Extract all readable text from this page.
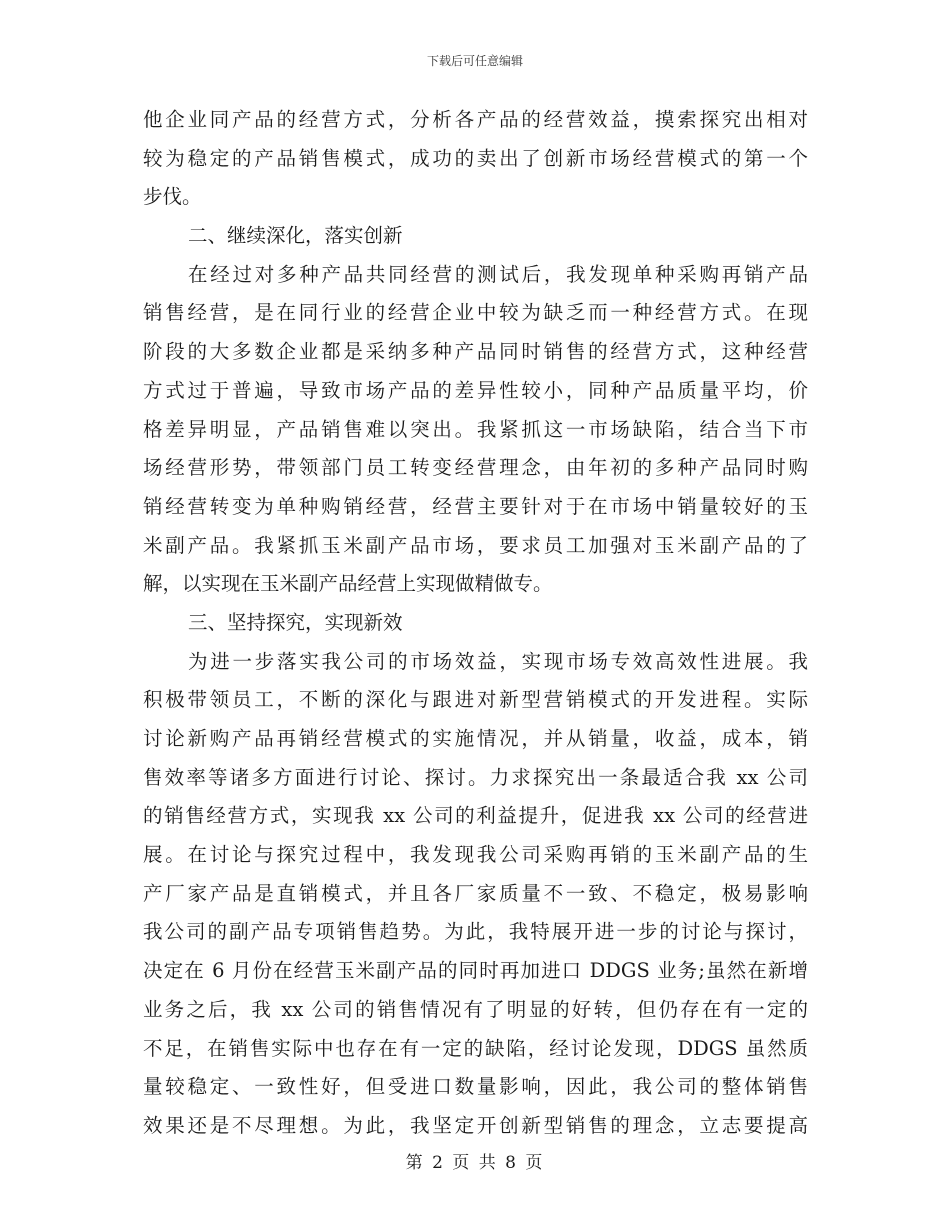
下载后可任意编辑
他企业同产品的经营方式，分析各产品的经营效益，摸索探究出相对
较为稳定的产品销售模式，成功的卖出了创新市场经营模式的第一个
步伐。
二、继续深化，落实创新
在经过对多种产品共同经营的测试后，我发现单种采购再销产品
销售经营，是在同行业的经营企业中较为缺乏而一种经营方式。在现
阶段的大多数企业都是采纳多种产品同时销售的经营方式，这种经营
方式过于普遍，导致市场产品的差异性较小，同种产品质量平均，价
格差异明显，产品销售难以突出。我紧抓这一市场缺陷，结合当下市
场经营形势，带领部门员工转变经营理念，由年初的多种产品同时购
销经营转变为单种购销经营，经营主要针对于在市场中销量较好的玉
米副产品。我紧抓玉米副产品市场，要求员工加强对玉米副产品的了
解，以实现在玉米副产品经营上实现做精做专。
三、坚持探究，实现新效
为进一步落实我公司的市场效益，实现市场专效高效性进展。我
积极带领员工，不断的深化与跟进对新型营销模式的开发进程。实际
讨论新购产品再销经营模式的实施情况，并从销量，收益，成本，销
售效率等诸多方面进行讨论、探讨。力求探究出一条最适合我 xx 公司
的销售经营方式，实现我 xx 公司的利益提升，促进我 xx 公司的经营进
展。在讨论与探究过程中，我发现我公司采购再销的玉米副产品的生
产厂家产品是直销模式，并且各厂家质量不一致、不稳定，极易影响
我公司的副产品专项销售趋势。为此，我特展开进一步的讨论与探讨，
决定在 6 月份在经营玉米副产品的同时再加进口 DDGS 业务;虽然在新增
业务之后，我 xx 公司的销售情况有了明显的好转，但仍存在有一定的
不足，在销售实际中也存在有一定的缺陷，经讨论发现，DDGS 虽然质
量较稳定、一致性好，但受进口数量影响，因此，我公司的整体销售
效果还是不尽理想。为此，我坚定开创新型销售的理念，立志要提高
第 2 页 共 8 页
